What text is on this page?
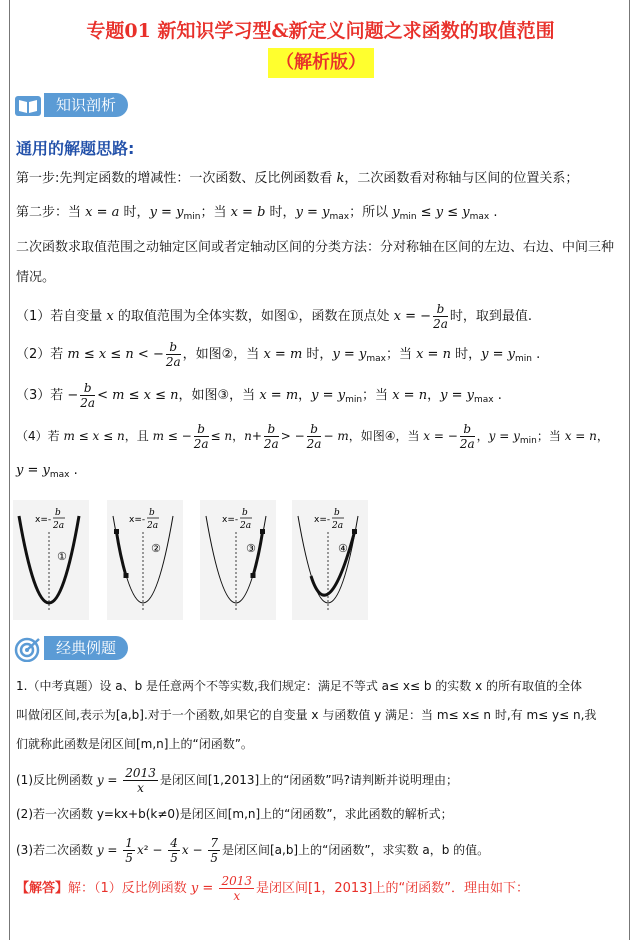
专题01 新知识学习型&新定义问题之求函数的取值范围
（解析版）
知识剖析
通用的解题思路:
第一步:先判定函数的增减性：一次函数、反比例函数看 k，二次函数看对称轴与区间的位置关系；
第二步：当 x = a 时，$y = y_{min}$；当 x = b 时，$y = y_{max}$；所以 $y_{min} \le y \le y_{max}$ .
二次函数求取值范围之动轴定区间或者定轴动区间的分类方法：分对称轴在区间的左边、右边、中间三种
情况。
（1）若自变量 x 的取值范围为全体实数，如图①，函数在顶点处 x = − $\frac{b}{2a}$ 时，取到最值.
（2）若 m ≤ x ≤ n < − $\frac{b}{2a}$ ，如图②，当 x = m 时，$y = y_{max}$；当 x = n 时，$y = y_{min}$ .
（3）若 − $\frac{b}{2a} < m \le x \le n$，如图③，当 x = m，$y = y_{min}$；当 x = n，$y = y_{max}$ .
（4）若 m ≤ x ≤ n，且 m ≤ − $\frac{b}{2a} \le n$，$n+ \frac{b}{2a}$ > − $\frac{b}{2a} - m$，如图④，当 x = − $\frac{b}{2a}$ ，$y = y_{min}$；当 x = n，
$y = y_{max}$ .
x=-
b
2a
①
x=-
b
2a
②
x=-
b
2a
③
x=-
b
2a
④
经典例题
1.（中考真题）设 a、b 是任意两个不等实数,我们规定：满足不等式 a≤ x≤ b 的实数 x 的所有取值的全体
叫做闭区间,表示为[a,b].对于一个函数,如果它的自变量 x 与函数值 y 满足：当 m≤ x≤ n 时,有 m≤ y≤ n,我
们就称此函数是闭区间[m,n]上的“闭函数”。
(1)反比例函数 $y = \frac{2013}{x}$ 是闭区间[1,2013]上的“闭函数”吗?请判断并说明理由；
(2)若一次函数 y=kx+b(k≠0)是闭区间[m,n]上的“闭函数”，求此函数的解析式；
(3)若二次函数 $y = \frac{1}{5} x^2 - \frac{4}{5}$ $x - \frac{7}{5}$ 是闭区间[a,b]上的“闭函数”，求实数 a，b 的值。
【解答】解：（1）反比例函数 $y = \frac{2013}{x}$ 是闭区间[1，2013]上的“闭函数”．理由如下：
